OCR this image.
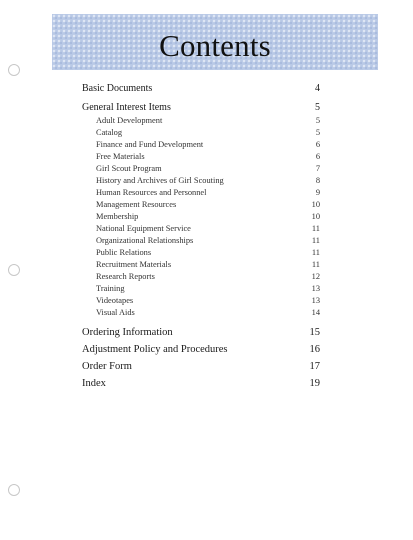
Contents
Basic Documents	4
General Interest Items	5
Adult Development	5
Catalog	5
Finance and Fund Development	6
Free Materials	6
Girl Scout Program	7
History and Archives of Girl Scouting	8
Human Resources and Personnel	9
Management Resources	10
Membership	10
National Equipment Service	11
Organizational Relationships	11
Public Relations	11
Recruitment Materials	11
Research Reports	12
Training	13
Videotapes	13
Visual Aids	14
Ordering Information	15
Adjustment Policy and Procedures	16
Order Form	17
Index	19
